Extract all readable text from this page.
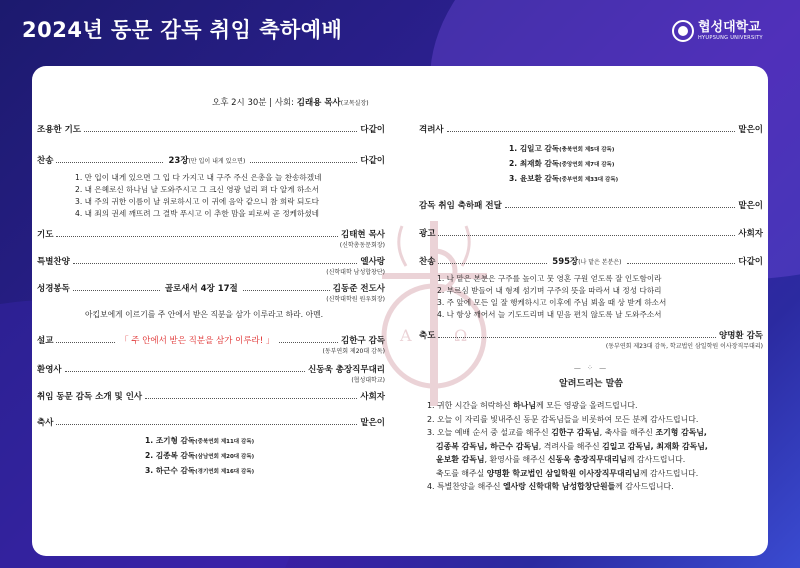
2024년 동문 감독 취임 축하예배	협성대학교
HYUPSUNG UNIVERSITY
A	Ω
오후 2시 30분 | 사회: 김래용 목사(교목실장)
조용한 기도	다같이
찬송	23장(만 입이 내게 있으면)	다같이
1. 만 입이 내게 있으면 그 입 다 가지고 내 구주 주신 은총을 늘 찬송하겠네
2. 내 은혜로신 하나님 날 도와주시고 그 크신 영광 널리 펴 다 알게 하소서
3. 내 주의 귀한 이름이 날 위로하시고 이 귀에 음악 같으니 참 희락 되도다
4. 내 죄의 권세 깨뜨려 그 결박 푸시고 이 추한 맘을 피로써 곧 정케하셨네
기도	김태현 목사
(신학총동문회장)
특별찬양	엘사랑
(신학대학 남성합창단)
성경봉독	골로새서 4장 17절	김동준 전도사
(신학대학원 원우회장)
아킵보에게 이르기를 주 안에서 받은 직분을 삼가 이루라고 하라. 아멘.
설교	「 주 안에서 받은 직분을 삼가 이루라! 」	김한구 감독
(동부연회 제20대 감독)
환영사	신동욱 총장직무대리
(협성대학교)
취임 동문 감독 소개 및 인사	사회자
축사	맡은이
1. 조기형 감독(중북연회 제11대 감독)
2. 김종복 감독(삼남연회 제20대 감독)
3. 하근수 감독(경기연회 제16대 감독)
격려사	맡은이
1. 김일고 감독(충북연회 제5대 감독)
2. 최재화 감독(중앙연회 제7대 감독)
3. 윤보환 감독(중부연회 제33대 감독)
감독 취임 축하패 전달	맡은이
광고	사회자
찬송	595장(나 맡은 본분은)	다같이
1. 나 맡은 본분은 구주를 높이고 뭇 영혼 구원 얻도록 잘 인도함이라
2. 부르심 받들어 내 형제 섬기며 구주의 뜻을 따라서 내 정성 다하리
3. 주 앞에 모든 일 잘 행케하시고 이후에 주님 뵈올 때 상 받게 하소서
4. 나 항상 깨어서 늘 기도드리며 내 믿음 편치 않도록 날 도와주소서
축도	양명환 감독
(동부연회 제23대 감독, 학교법인 삼일학원 이사장직무대리)
— ⁘ —
알려드리는 말씀
1. 귀한 시간을 허락하신 하나님께 모든 영광을 올려드립니다.
2. 오늘 이 자리를 빛내주신 동문 감독님들을 비롯하여 모든 분께 감사드립니다.
3. 오늘 예배 순서 중 설교를 해주신 김한구 감독님, 축사를 해주신 조기형 감독님,
김종복 감독님, 하근수 감독님, 격려사를 해주신 김일고 감독님, 최재화 감독님,
윤보환 감독님, 환영사를 해주신 신동욱 총장직무대리님께 감사드립니다.
축도를 해주실 양명환 학교법인 삼일학원 이사장직무대리님께 감사드립니다.
4. 특별찬양을 해주신 엘사랑 신학대학 남성합창단원들께 감사드립니다.
